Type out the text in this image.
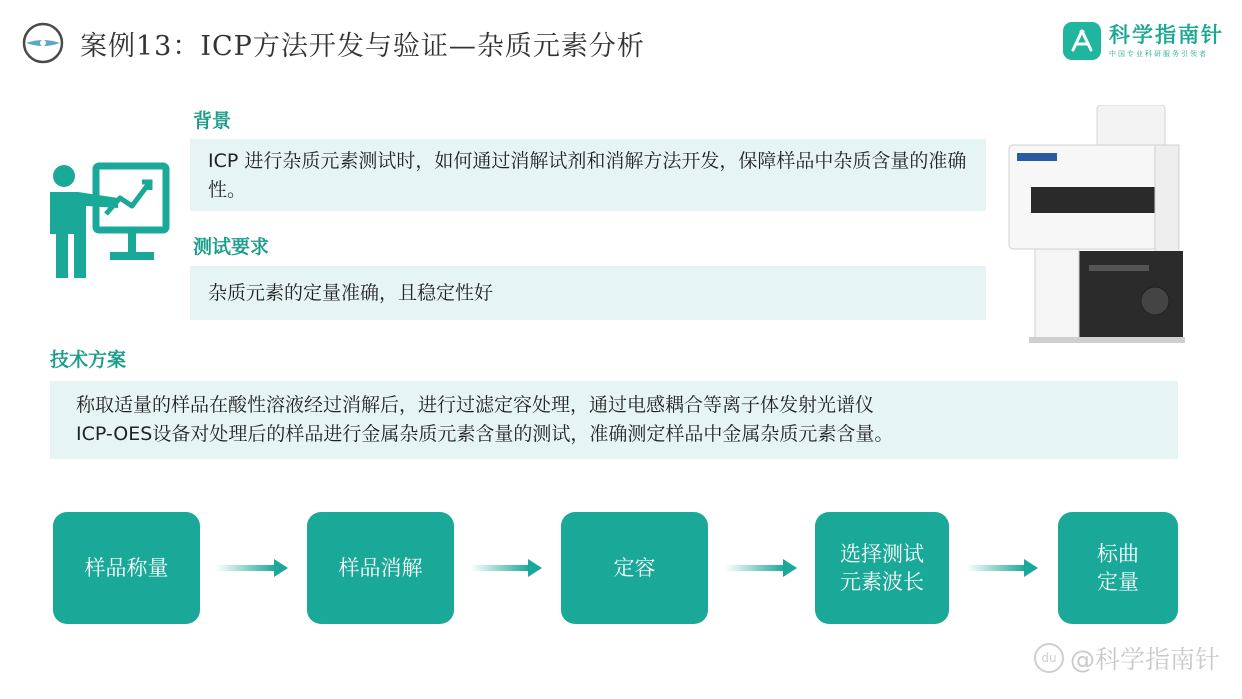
案例13：ICP方法开发与验证—杂质元素分析	科学指南针
中国专业科研服务引领者
背景
ICP 进行杂质元素测试时，如何通过消解试剂和消解方法开发，保障样品中杂质含量的准确性。
测试要求
杂质元素的定量准确，且稳定性好
技术方案
称取适量的样品在酸性溶液经过消解后，进行过滤定容处理，通过电感耦合等离子体发射光谱仪
ICP-OES设备对处理后的样品进行金属杂质元素含量的测试，准确测定样品中金属杂质元素含量。
样品称量	样品消解	定容
选择测试
元素波长
标曲
定量
du @科学指南针
